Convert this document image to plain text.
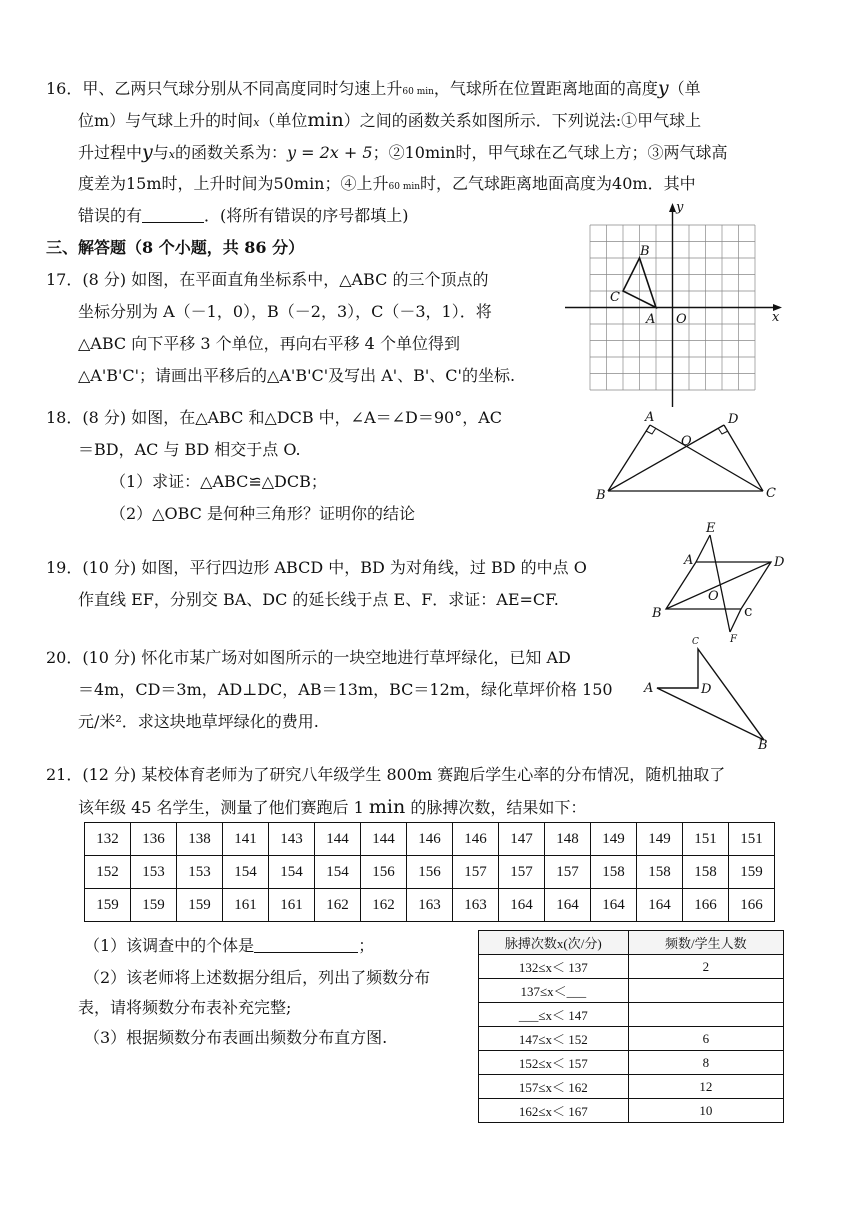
16．甲、乙两只气球分别从不同高度同时匀速上升60 min，气球所在位置距离地面的高度y（单
位m）与气球上升的时间x（单位min）之间的函数关系如图所示．下列说法:①甲气球上
升过程中y与x的函数关系为：y = 2x + 5；②10min时，甲气球在乙气球上方；③两气球高
度差为15m时，上升时间为50min；④上升60 min时，乙气球距离地面高度为40m．其中
错误的有	．(将所有错误的序号都填上)
三、解答题（8 个小题，共 86 分）
17．(8 分) 如图，在平面直角坐标系中，△ABC 的三个顶点的
坐标分别为 A（－1，0），B（－2，3），C（－3，1）．将
△ABC 向下平移 3 个单位，再向右平移 4 个单位得到
△A'B'C'；请画出平移后的△A'B'C'及写出 A'、B'、C'的坐标.
y
x
B
C
A O
18．(8 分) 如图，在△ABC 和△DCB 中，∠A＝∠D＝90°，AC
＝BD，AC 与 BD 相交于点 O.
（1）求证：△ABC≌△DCB；
（2）△OBC 是何种三角形？证明你的结论
A	D
O
B	C
19．(10 分) 如图，平行四边形 ABCD 中，BD 为对角线，过 BD 的中点 O
作直线 EF，分别交 BA、DC 的延长线于点 E、F．求证：AE=CF.
E
A	D
O
B	c
F
20．(10 分) 怀化市某广场对如图所示的一块空地进行草坪绿化，已知 AD
＝4m，CD＝3m，AD⊥DC，AB＝13m，BC＝12m，绿化草坪价格 150
元/米²．求这块地草坪绿化的费用.
C
A	D
B
21．(12 分) 某校体育老师为了研究八年级学生 800m 赛跑后学生心率的分布情况，随机抽取了
该年级 45 名学生，测量了他们赛跑后 1 min 的脉搏次数，结果如下：
132	136	138	141	143	144	144	146	146	147	148	149	149	151	151
152	153	153	154	154	154	156	156	157	157	157	158	158	158	159
159	159	159	161	161	162	162	163	163	164	164	164	164	166	166
（1）该调查中的个体是	；
（2）该老师将上述数据分组后，列出了频数分布
表，请将频数分布表补充完整;
（3）根据频数分布表画出频数分布直方图.
脉搏次数x(次/分)	频数/学生人数
132≤x＜ 137	2
137≤x＜___	
___≤x＜ 147	
147≤x＜ 152	6
152≤x＜ 157	8
157≤x＜ 162	12
162≤x＜ 167	10
